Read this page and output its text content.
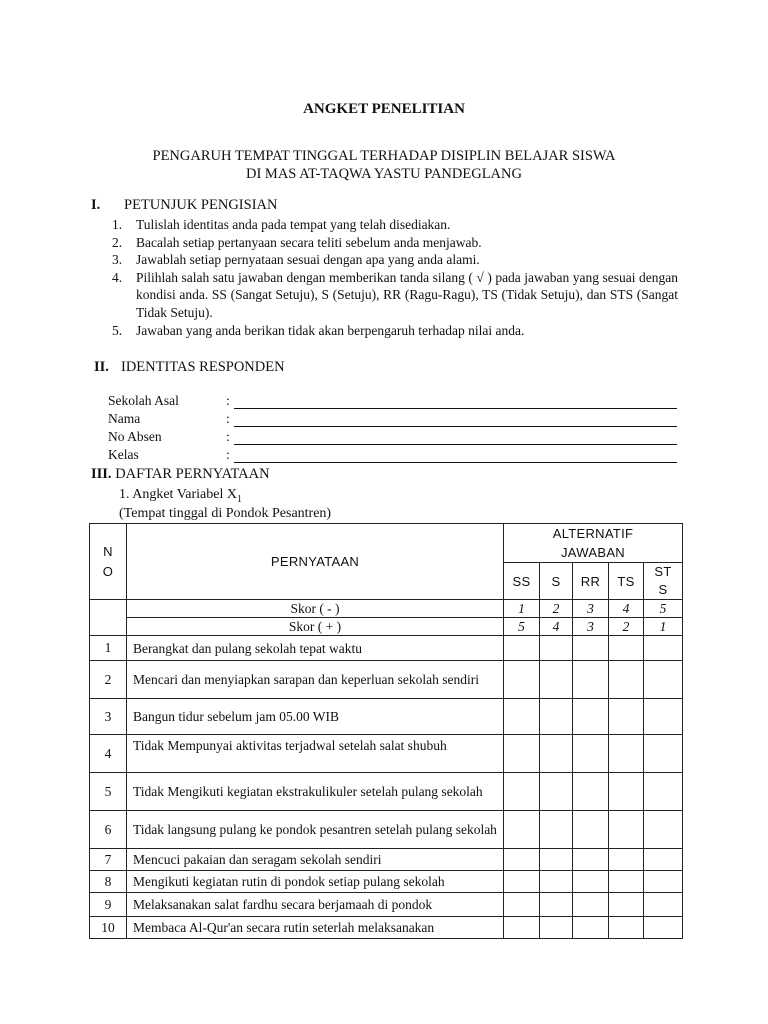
ANGKET PENELITIAN
PENGARUH TEMPAT TINGGAL TERHADAP DISIPLIN BELAJAR SISWA
DI MAS AT-TAQWA YASTU PANDEGLANG
I. PETUNJUK PENGISIAN
1. Tulislah identitas anda pada tempat yang telah disediakan.
2. Bacalah setiap pertanyaan secara teliti sebelum anda menjawab.
3. Jawablah setiap pernyataan sesuai dengan apa yang anda alami.
4. Pilihlah salah satu jawaban dengan memberikan tanda silang ( √ ) pada jawaban yang sesuai dengan kondisi anda. SS (Sangat Setuju), S (Setuju), RR (Ragu-Ragu), TS (Tidak Setuju), dan STS (Sangat Tidak Setuju).
5. Jawaban yang anda berikan tidak akan berpengaruh terhadap nilai anda.
II. IDENTITAS RESPONDEN
Sekolah Asal	:
Nama	:
No Absen	:
Kelas	:
III. DAFTAR PERNYATAAN
1. Angket Variabel $X_1$
(Tempat tinggal di Pondok Pesantren)
N O	PERNYATAAN	ALTERNATIF JAWABAN				
		SS	S	RR	TS	ST S
	Skor ( - )	1	2	3	4	5
	Skor ( + )	5	4	3	2	1
1	Berangkat dan pulang sekolah tepat waktu					
2	Mencari dan menyiapkan sarapan dan keperluan sekolah sendiri					
3	Bangun tidur sebelum jam 05.00 WIB					
4	Tidak Mempunyai aktivitas terjadwal setelah salat shubuh					
5	Tidak Mengikuti kegiatan ekstrakulikuler setelah pulang sekolah					
6	Tidak langsung pulang ke pondok pesantren setelah pulang sekolah					
7	Mencuci pakaian dan seragam sekolah sendiri					
8	Mengikuti kegiatan rutin di pondok setiap pulang sekolah					
9	Melaksanakan salat fardhu secara berjamaah di pondok					
10	Membaca Al-Qur'an secara rutin seterlah melaksanakan					
